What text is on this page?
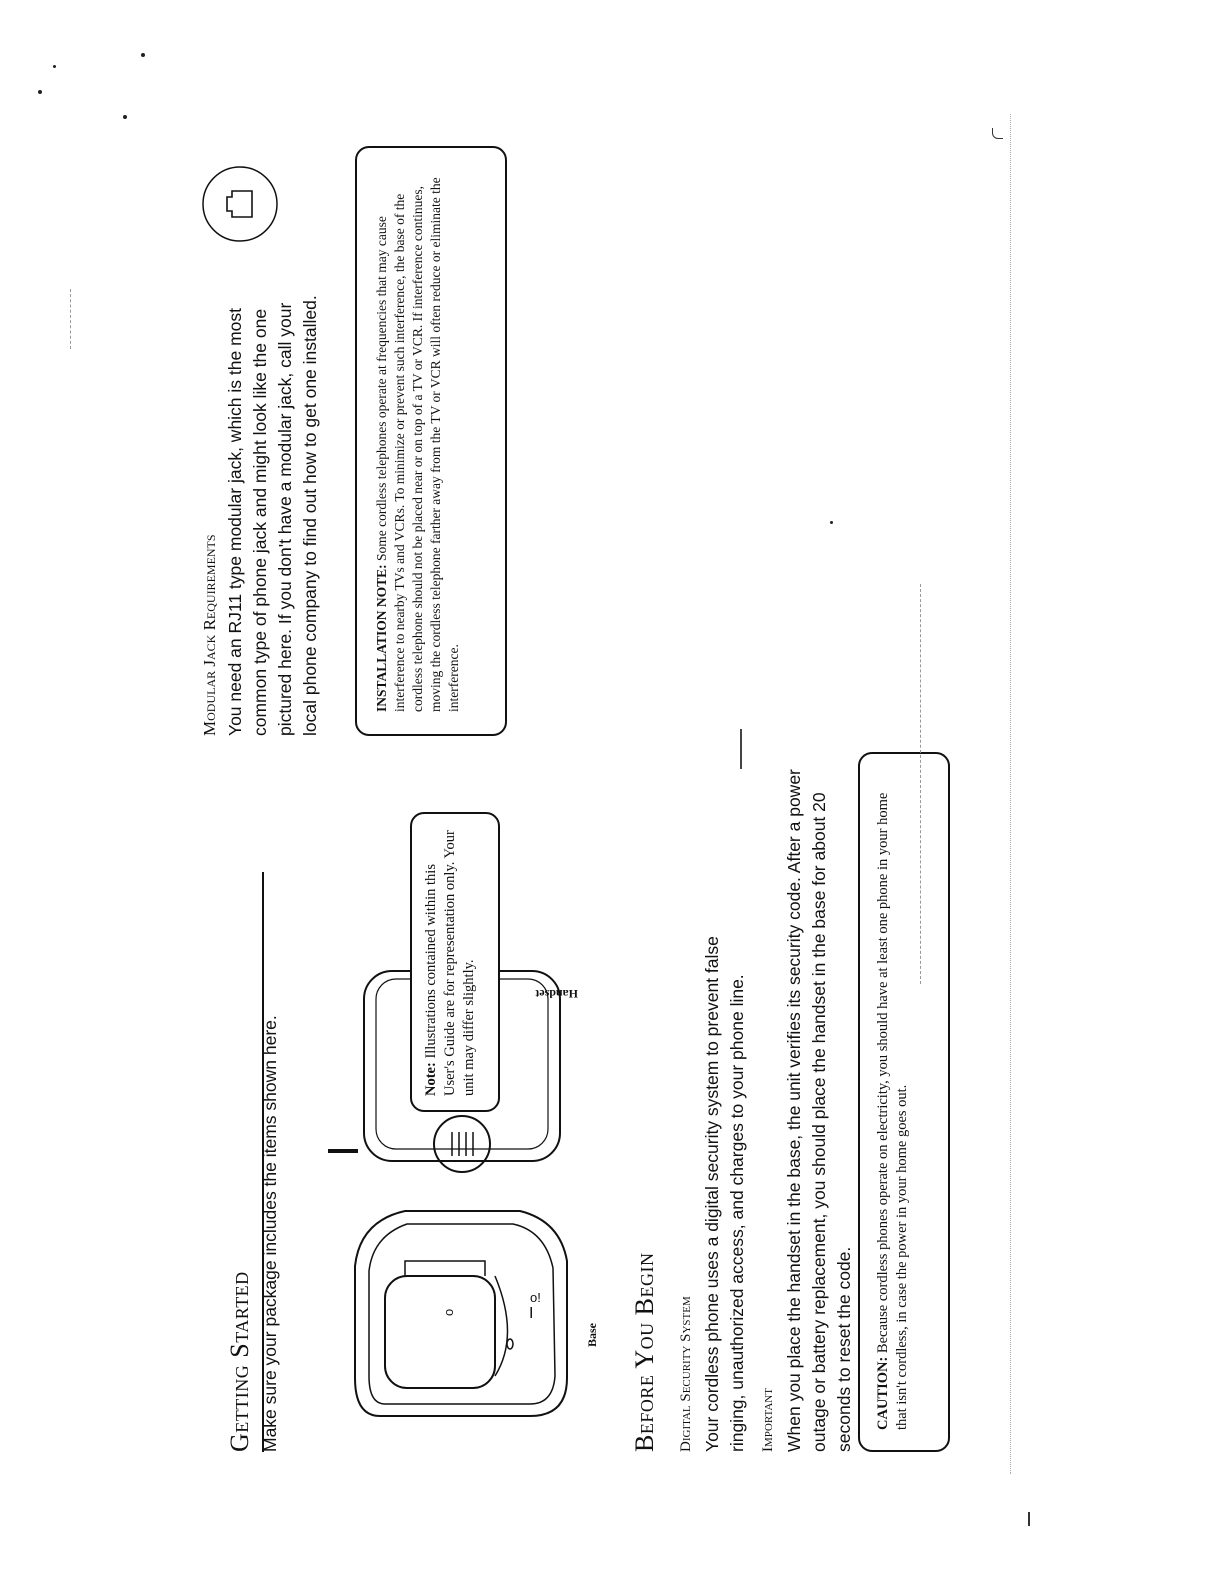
Getting Started Make sure your package includes the items shown here.	o	I
o!
Base
Handset
Note: Illustrations contained within this User's Guide are for representation only. Your unit may differ slightly.
Before You Begin Digital Security System Your cordless phone uses a digital security system to prevent false ringing, unauthorized access, and charges to your phone line. Important When you place the handset in the base, the unit verifies its security code. After a power outage or battery replacement, you should place the handset in the base for about 20 seconds to reset the code.	CAUTION: Because cordless phones operate on electricity, you should have at least one phone in your home that isn't cordless, in case the power in your home goes out.
Modular Jack Requirements You need an RJ11 type modular jack, which is the most common type of phone jack and might look like the one pictured here. If you don't have a modular jack, call your local phone company to find out how to get one installed.	INSTALLATION NOTE: Some cordless telephones operate at frequencies that may cause interference to nearby TVs and VCRs. To minimize or prevent such interference, the base of the cordless telephone should not be placed near or on top of a TV or VCR. If interference continues, moving the cordless telephone farther away from the TV or VCR will often reduce or eliminate the interference.
